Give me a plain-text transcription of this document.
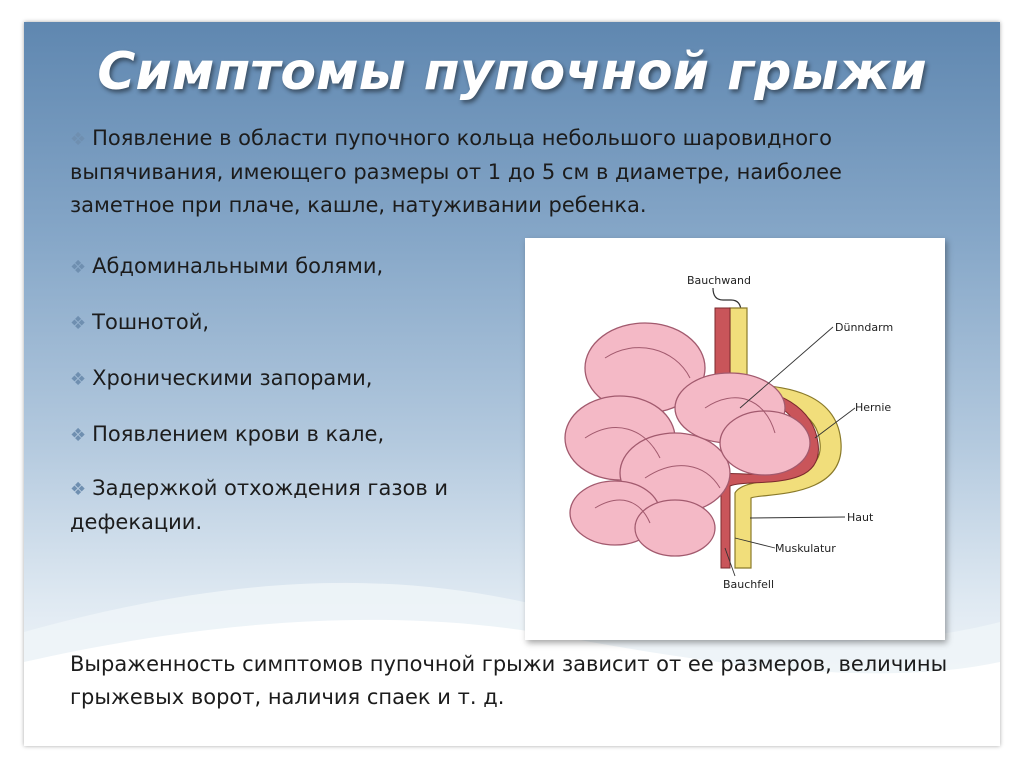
Симптомы пупочной грыжи
❖ Появление в области пупочного кольца небольшого шаровидного выпячивания, имеющего размеры от 1 до 5 см в диаметре, наиболее заметное при плаче, кашле, натуживании ребенка.
❖ Абдоминальными болями,
❖ Тошнотой,
❖ Хроническими запорами,
❖ Появлением крови в кале,
❖ Задержкой отхождения газов и дефекации.
Bauchwand
Dünndarm
Hernie
Haut
Muskulatur
Bauchfell
Выраженность симптомов пупочной грыжи зависит от ее размеров, величины грыжевых ворот, наличия спаек и т. д.
